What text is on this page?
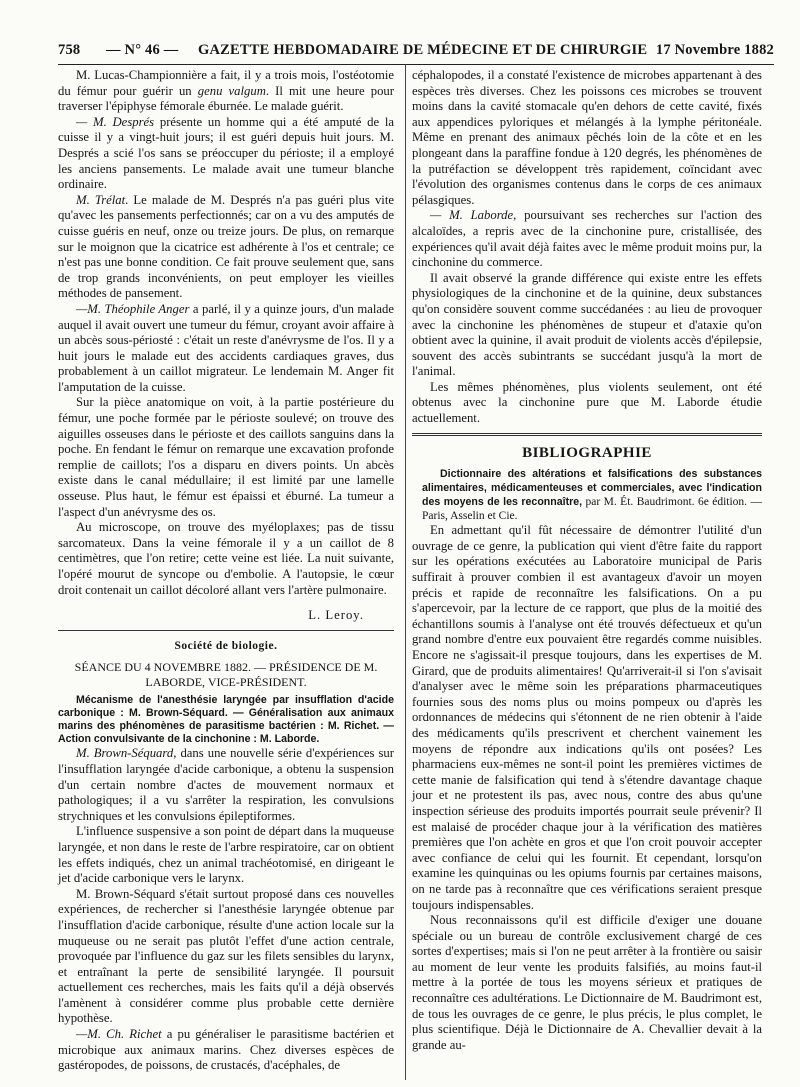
758 — N° 46 — GAZETTE HEBDOMADAIRE DE MÉDECINE ET DE CHIRURGIE 17 Novembre 1882

M. Lucas-Championnière a fait, il y a trois mois, l'ostéotomie du fémur pour guérir un genu valgum. Il mit une heure pour traverser l'épiphyse fémorale éburnée. Le malade guérit.

— M. Després présente un homme qui a été amputé de la cuisse il y a vingt-huit jours; il est guéri depuis huit jours. M. Després a scié l'os sans se préoccuper du périoste; il a employé les anciens pansements. Le malade avait une tumeur blanche ordinaire.

M. Trélat. Le malade de M. Després n'a pas guéri plus vite qu'avec les pansements perfectionnés; car on a vu des amputés de cuisse guéris en neuf, onze ou treize jours. De plus, on remarque sur le moignon que la cicatrice est adhérente à l'os et centrale; ce n'est pas une bonne condition. Ce fait prouve seulement que, sans de trop grands inconvénients, on peut employer les vieilles méthodes de pansement.

—M. Théophile Anger a parlé, il y a quinze jours, d'un malade auquel il avait ouvert une tumeur du fémur, croyant avoir affaire à un abcès sous-périosté : c'était un reste d'anévrysme de l'os. Il y a huit jours le malade eut des accidents cardiaques graves, dus probablement à un caillot migrateur. Le lendemain M. Anger fit l'amputation de la cuisse.

Sur la pièce anatomique on voit, à la partie postérieure du fémur, une poche formée par le périoste soulevé; on trouve des aiguilles osseuses dans le périoste et des caillots sanguins dans la poche. En fendant le fémur on remarque une excavation profonde remplie de caillots; l'os a disparu en divers points. Un abcès existe dans le canal médullaire; il est limité par une lamelle osseuse. Plus haut, le fémur est épaissi et éburné. La tumeur a l'aspect d'un anévrysme des os.

Au microscope, on trouve des myéloplaxes; pas de tissu sarcomateux. Dans la veine fémorale il y a un caillot de 8 centimètres, que l'on retire; cette veine est liée. La nuit suivante, l'opéré mourut de syncope ou d'embolie. A l'autopsie, le cœur droit contenait un caillot décoloré allant vers l'artère pulmonaire.

L. Leroy.
Société de biologie.
SÉANCE DU 4 NOVEMBRE 1882. — PRÉSIDENCE DE M. LABORDE, VICE-PRÉSIDENT.

Mécanisme de l'anesthésie laryngée par insufflation d'acide carbonique : M. Brown-Séquard. — Généralisation aux animaux marins des phénomènes de parasitisme bactérien : M. Richet. — Action convulsivante de la cinchonine : M. Laborde.

M. Brown-Séquard, dans une nouvelle série d'expériences sur l'insufflation laryngée d'acide carbonique, a obtenu la suspension d'un certain nombre d'actes de mouvement normaux et pathologiques; il a vu s'arrêter la respiration, les convulsions strychniques et les convulsions épileptiformes.

L'influence suspensive a son point de départ dans la muqueuse laryngée, et non dans le reste de l'arbre respiratoire, car on obtient les effets indiqués, chez un animal trachéotomisé, en dirigeant le jet d'acide carbonique vers le larynx.

M. Brown-Séquard s'était surtout proposé dans ces nouvelles expériences, de rechercher si l'anesthésie laryngée obtenue par l'insufflation d'acide carbonique, résulte d'une action locale sur la muqueuse ou ne serait pas plutôt l'effet d'une action centrale, provoquée par l'influence du gaz sur les filets sensibles du larynx, et entraînant la perte de sensibilité laryngée. Il poursuit actuellement ces recherches, mais les faits qu'il a déjà observés l'amènent à considérer comme plus probable cette dernière hypothèse.

—M. Ch. Richet a pu généraliser le parasitisme bactérien et microbique aux animaux marins. Chez diverses espèces de gastéropodes, de poissons, de crustacés, d'acéphales, de

céphalopodes, il a constaté l'existence de microbes appartenant à des espèces très diverses. Chez les poissons ces microbes se trouvent moins dans la cavité stomacale qu'en dehors de cette cavité, fixés aux appendices pyloriques et mélangés à la lymphe péritonéale. Même en prenant des animaux pêchés loin de la côte et en les plongeant dans la paraffine fondue à 120 degrés, les phénomènes de la putréfaction se développent très rapidement, coïncidant avec l'évolution des organismes contenus dans le corps de ces animaux pélasgiques.

— M. Laborde, poursuivant ses recherches sur l'action des alcaloïdes, a repris avec de la cinchonine pure, cristallisée, des expériences qu'il avait déjà faites avec le même produit moins pur, la cinchonine du commerce.

Il avait observé la grande différence qui existe entre les effets physiologiques de la cinchonine et de la quinine, deux substances qu'on considère souvent comme succédanées : au lieu de provoquer avec la cinchonine les phénomènes de stupeur et d'ataxie qu'on obtient avec la quinine, il avait produit de violents accès d'épilepsie, souvent des accès subintrants se succédant jusqu'à la mort de l'animal.

Les mêmes phénomènes, plus violents seulement, ont été obtenus avec la cinchonine pure que M. Laborde étudie actuellement.

BIBLIOGRAPHIE

Dictionnaire des altérations et falsifications des substances alimentaires, médicamenteuses et commerciales, avec l'indication des moyens de les reconnaître, par M. Ét. Baudrimont. 6e édition. — Paris, Asselin et Cie.

En admettant qu'il fût nécessaire de démontrer l'utilité d'un ouvrage de ce genre, la publication qui vient d'être faite du rapport sur les opérations exécutées au Laboratoire municipal de Paris suffirait à prouver combien il est avantageux d'avoir un moyen précis et rapide de reconnaître les falsifications. On a pu s'apercevoir, par la lecture de ce rapport, que plus de la moitié des échantillons soumis à l'analyse ont été trouvés défectueux et qu'un grand nombre d'entre eux pouvaient être regardés comme nuisibles. Encore ne s'agissait-il presque toujours, dans les expertises de M. Girard, que de produits alimentaires! Qu'arriverait-il si l'on s'avisait d'analyser avec le même soin les préparations pharmaceutiques fournies sous des noms plus ou moins pompeux ou d'après les ordonnances de médecins qui s'étonnent de ne rien obtenir à l'aide des médicaments qu'ils prescrivent et cherchent vainement les moyens de répondre aux indications qu'ils ont posées? Les pharmaciens eux-mêmes ne sont-il point les premières victimes de cette manie de falsification qui tend à s'étendre davantage chaque jour et ne protestent ils pas, avec nous, contre des abus qu'une inspection sérieuse des produits importés pourrait seule prévenir? Il est malaisé de procéder chaque jour à la vérification des matières premières que l'on achète en gros et que l'on croit pouvoir accepter avec confiance de celui qui les fournit. Et cependant, lorsqu'on examine les quinquinas ou les opiums fournis par certaines maisons, on ne tarde pas à reconnaître que ces vérifications seraient presque toujours indispensables.

Nous reconnaissons qu'il est difficile d'exiger une douane spéciale ou un bureau de contrôle exclusivement chargé de ces sortes d'expertises; mais si l'on ne peut arrêter à la frontière ou saisir au moment de leur vente les produits falsifiés, au moins faut-il mettre à la portée de tous les moyens sérieux et pratiques de reconnaître ces adultérations. Le Dictionnaire de M. Baudrimont est, de tous les ouvrages de ce genre, le plus précis, le plus complet, le plus scientifique. Déjà le Dictionnaire de A. Chevallier devait à la grande au-
